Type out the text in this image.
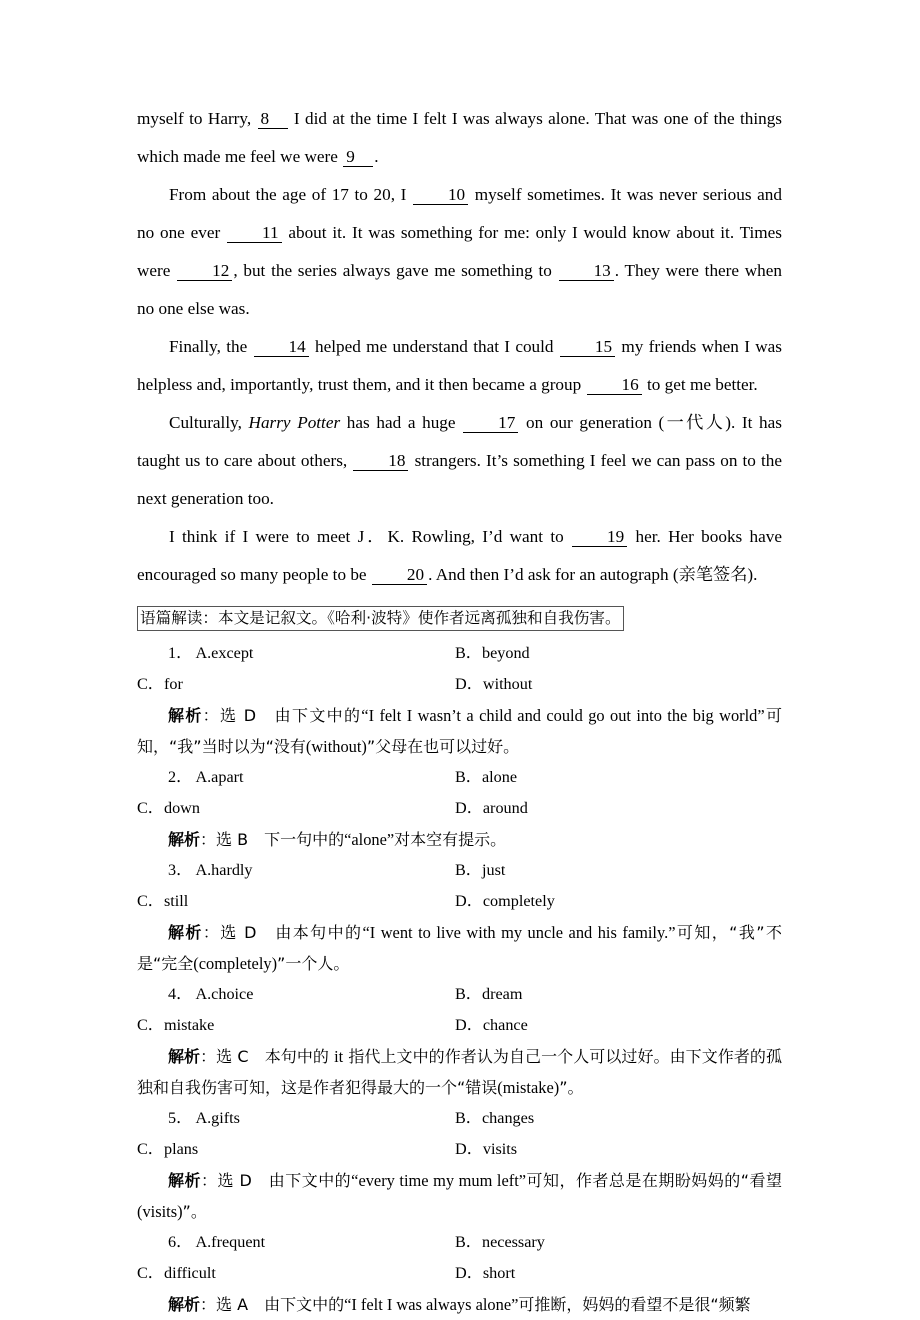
myself to Harry, 8 I did at the time I felt I was always alone. That was one of the things which made me feel we were 9 .

From about the age of 17 to 20, I 10 myself sometimes. It was never serious and no one ever 11 about it. It was something for me: only I would know about it. Times were 12 , but the series always gave me something to 13 . They were there when no one else was.

Finally, the 14 helped me understand that I could 15 my friends when I was helpless and, importantly, trust them, and it then became a group 16 to get me better.

Culturally, Harry Potter has had a huge 17 on our generation (一代人). It has taught us to care about others, 18 strangers. It’s something I feel we can pass on to the next generation too.

I think if I were to meet J．K. Rowling, I’d want to 19 her. Her books have encouraged so many people to be 20 . And then I’d ask for an autograph (亲笔签名).

语篇解读：本文是记叙文。《哈利·波特》使作者远离孤独和自我伤害。
1． A.except	B．beyond
C．for	D．without

解析：选 D　由下文中的“I felt I wasn’t a child and could go out into the big world”可知，“我”当时以为“没有(without)”父母在也可以过好。

2． A.apart	B．alone
C．down	D．around

解析：选 B　下一句中的“alone”对本空有提示。

3． A.hardly	B．just
C．still	D．completely

解析：选 D　由本句中的“I went to live with my uncle and his family.”可知，“我”不是“完全(completely)”一个人。

4． A.choice	B．dream
C．mistake	D．chance

解析：选 C　本句中的 it 指代上文中的作者认为自己一个人可以过好。由下文作者的孤独和自我伤害可知，这是作者犯得最大的一个“错误(mistake)”。

5． A.gifts	B．changes
C．plans	D．visits

解析：选 D　由下文中的“every time my mum left”可知，作者总是在期盼妈妈的“看望(visits)”。

6． A.frequent	B．necessary
C．difficult	D．short

解析：选 A　由下文中的“I felt I was always alone”可推断，妈妈的看望不是很“频繁
